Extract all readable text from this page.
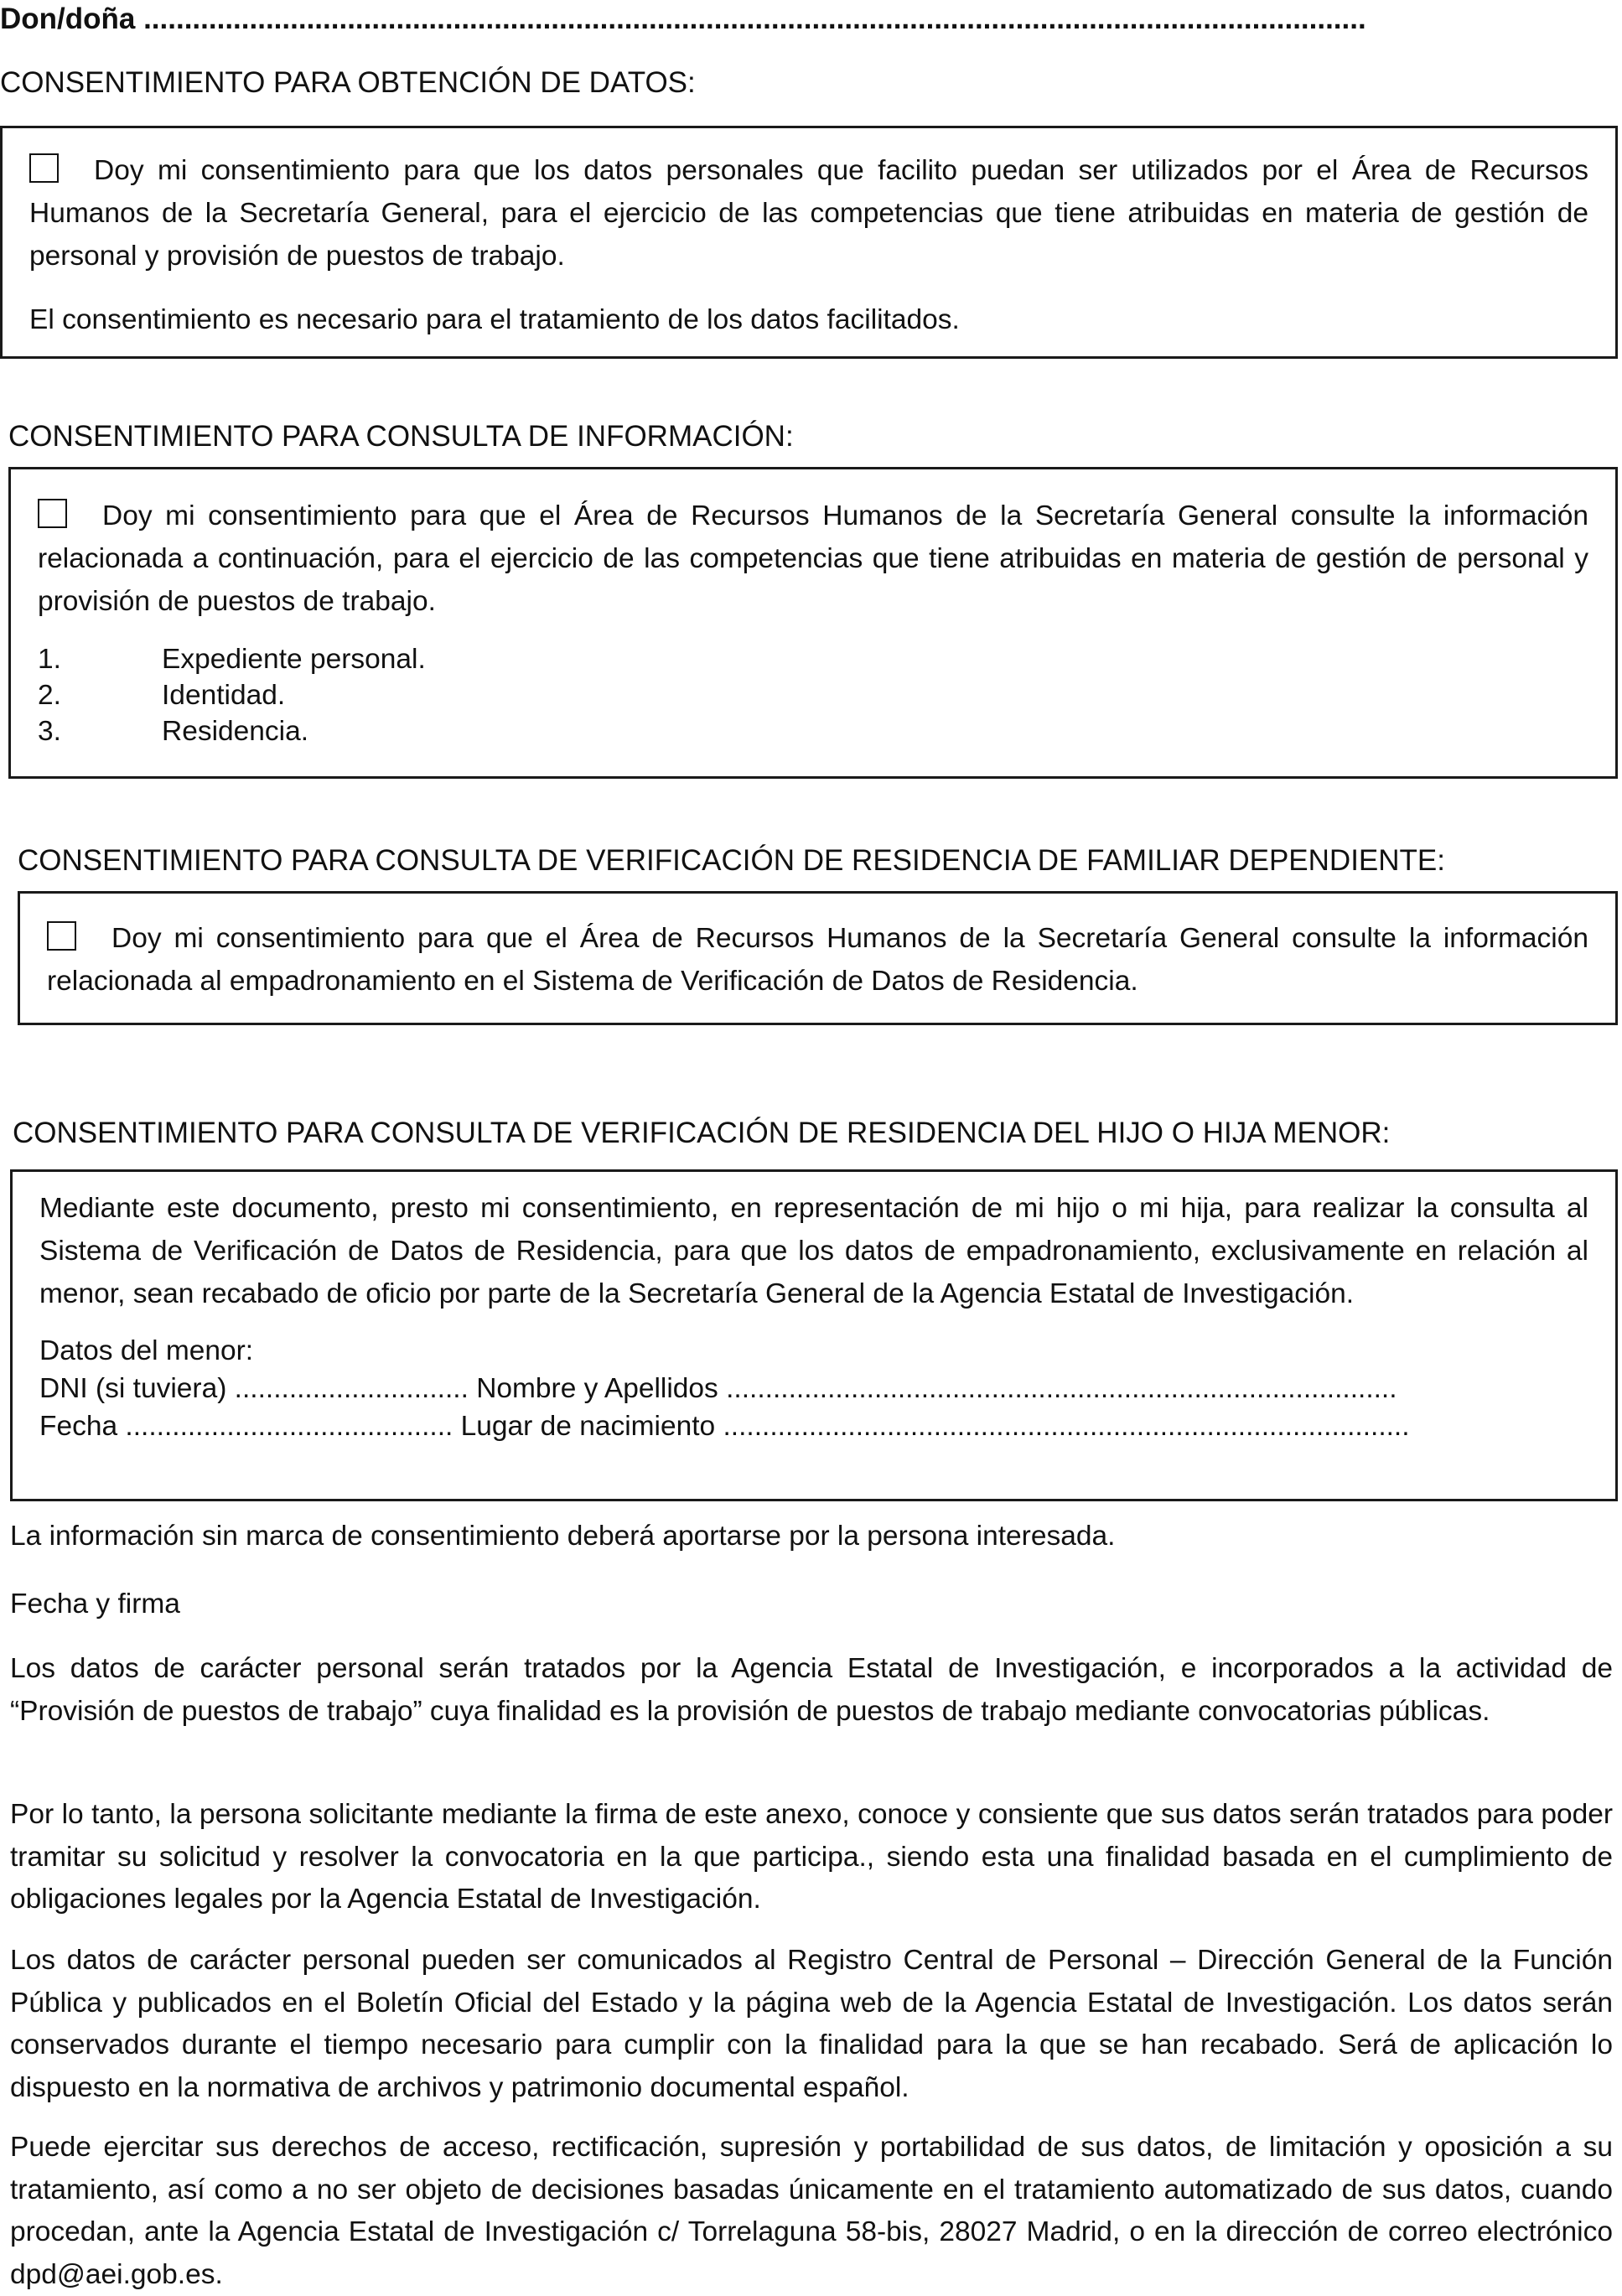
Don/doña ......................................................................................................................................................
CONSENTIMIENTO PARA OBTENCIÓN DE DATOS:

Doy mi consentimiento para que los datos personales que facilito puedan ser utilizados por el Área de Recursos Humanos de la Secretaría General, para el ejercicio de las competencias que tiene atribuidas en materia de gestión de personal y provisión de puestos de trabajo.

El consentimiento es necesario para el tratamiento de los datos facilitados.

CONSENTIMIENTO PARA CONSULTA DE INFORMACIÓN:

Doy mi consentimiento para que el Área de Recursos Humanos de la Secretaría General consulte la información relacionada a continuación, para el ejercicio de las competencias que tiene atribuidas en materia de gestión de personal y provisión de puestos de trabajo.

1.	Expediente personal.
2.	Identidad.
3.	Residencia.
CONSENTIMIENTO PARA CONSULTA DE VERIFICACIÓN DE RESIDENCIA DE FAMILIAR DEPENDIENTE:

Doy mi consentimiento para que el Área de Recursos Humanos de la Secretaría General consulte la información relacionada al empadronamiento en el Sistema de Verificación de Datos de Residencia.

CONSENTIMIENTO PARA CONSULTA DE VERIFICACIÓN DE RESIDENCIA DEL HIJO O HIJA MENOR:

Mediante este documento, presto mi consentimiento, en representación de mi hijo o mi hija, para realizar la consulta al Sistema de Verificación de Datos de Residencia, para que los datos de empadronamiento, exclusivamente en relación al menor, sean recabado de oficio por parte de la Secretaría General de la Agencia Estatal de Investigación.

Datos del menor:
DNI (si tuviera) .............................. Nombre y Apellidos ......................................................................................
Fecha .......................................... Lugar de nacimiento ........................................................................................

La información sin marca de consentimiento deberá aportarse por la persona interesada.

Fecha y firma

Los datos de carácter personal serán tratados por la Agencia Estatal de Investigación, e incorporados a la actividad de “Provisión de puestos de trabajo” cuya finalidad es la provisión de puestos de trabajo mediante convocatorias públicas.

Por lo tanto, la persona solicitante mediante la firma de este anexo, conoce y consiente que sus datos serán tratados para poder tramitar su solicitud y resolver la convocatoria en la que participa., siendo esta una finalidad basada en el cumplimiento de obligaciones legales por la Agencia Estatal de Investigación.

Los datos de carácter personal pueden ser comunicados al Registro Central de Personal – Dirección General de la Función Pública y publicados en el Boletín Oficial del Estado y la página web de la Agencia Estatal de Investigación. Los datos serán conservados durante el tiempo necesario para cumplir con la finalidad para la que se han recabado. Será de aplicación lo dispuesto en la normativa de archivos y patrimonio documental español.

Puede ejercitar sus derechos de acceso, rectificación, supresión y portabilidad de sus datos, de limitación y oposición a su tratamiento, así como a no ser objeto de decisiones basadas únicamente en el tratamiento automatizado de sus datos, cuando procedan, ante la Agencia Estatal de Investigación c/ Torrelaguna 58-bis, 28027 Madrid, o en la dirección de correo electrónico dpd@aei.gob.es.
